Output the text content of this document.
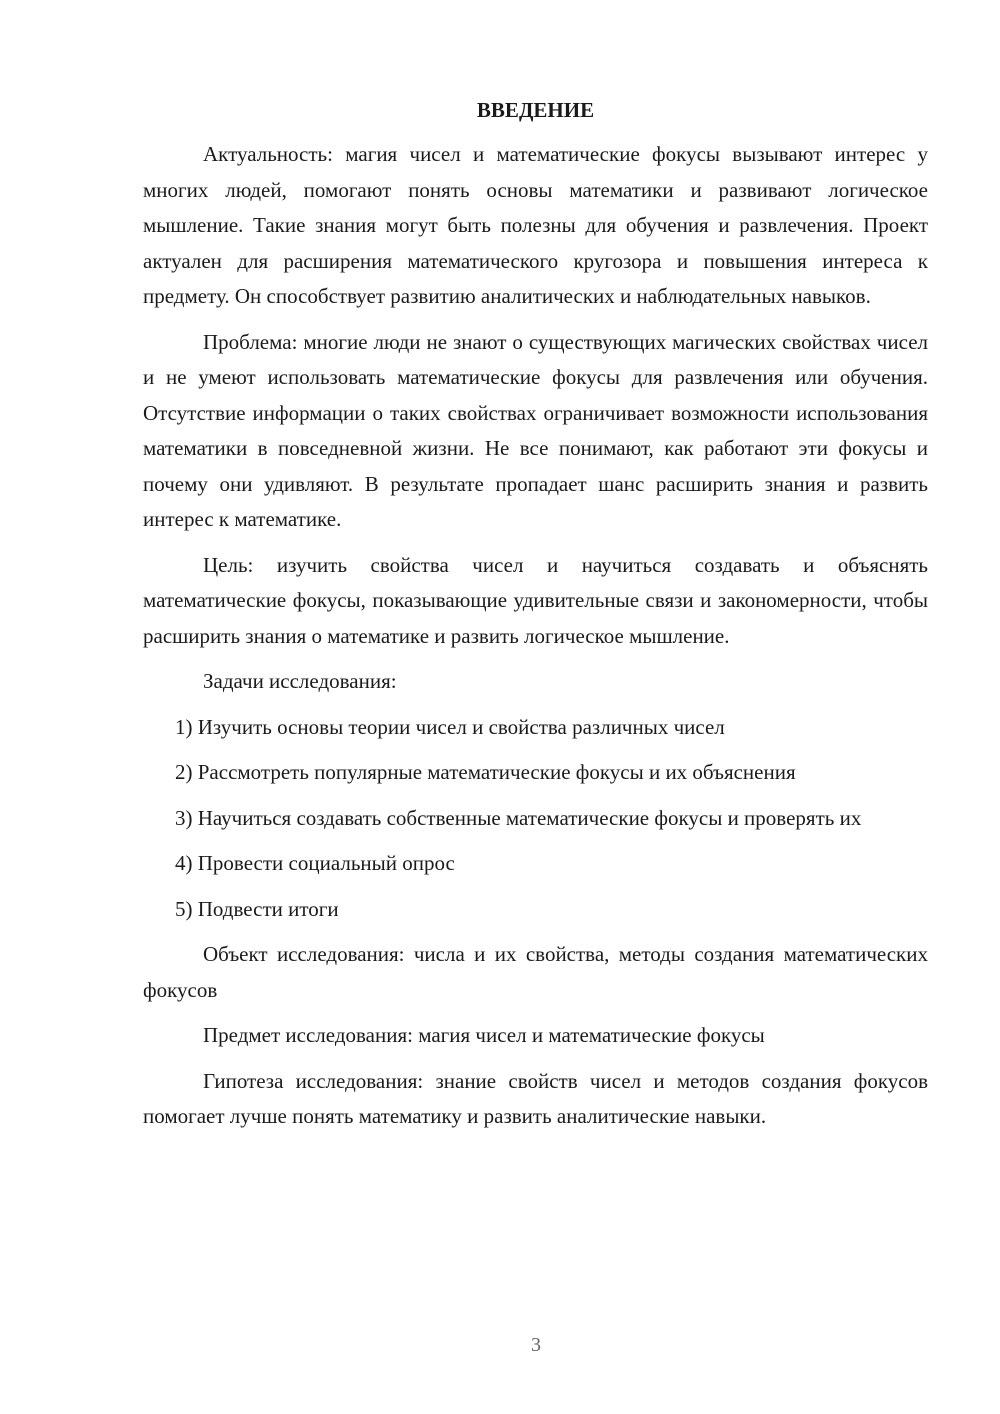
ВВЕДЕНИЕ

Актуальность: магия чисел и математические фокусы вызывают интерес у многих людей, помогают понять основы математики и развивают логическое мышление. Такие знания могут быть полезны для обучения и развлечения. Проект актуален для расширения математического кругозора и повышения интереса к предмету. Он способствует развитию аналитических и наблюдательных навыков.

Проблема: многие люди не знают о существующих магических свойствах чисел и не умеют использовать математические фокусы для развлечения или обучения. Отсутствие информации о таких свойствах ограничивает возможности использования математики в повседневной жизни. Не все понимают, как работают эти фокусы и почему они удивляют. В результате пропадает шанс расширить знания и развить интерес к математике.

Цель: изучить свойства чисел и научиться создавать и объяснять математические фокусы, показывающие удивительные связи и закономерности, чтобы расширить знания о математике и развить логическое мышление.

Задачи исследования:

1) Изучить основы теории чисел и свойства различных чисел

2) Рассмотреть популярные математические фокусы и их объяснения

3) Научиться создавать собственные математические фокусы и проверять их

4) Провести социальный опрос

5) Подвести итоги

Объект исследования: числа и их свойства, методы создания математических фокусов

Предмет исследования: магия чисел и математические фокусы

Гипотеза исследования: знание свойств чисел и методов создания фокусов помогает лучше понять математику и развить аналитические навыки.

3
